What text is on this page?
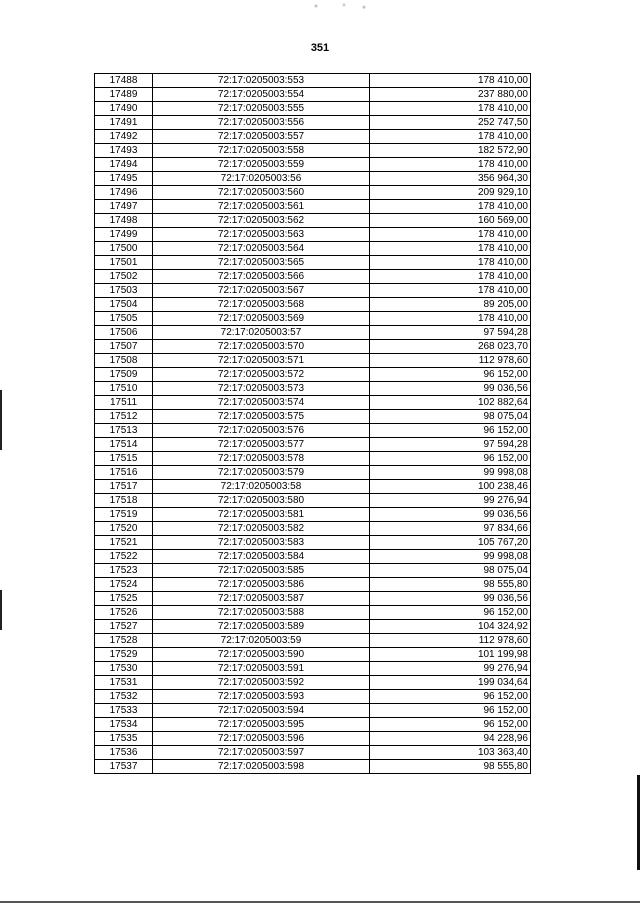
351
17488	72:17:0205003:553	178 410,00
17489	72:17:0205003:554	237 880,00
17490	72:17:0205003:555	178 410,00
17491	72:17:0205003:556	252 747,50
17492	72:17:0205003:557	178 410,00
17493	72:17:0205003:558	182 572,90
17494	72:17:0205003:559	178 410,00
17495	72:17:0205003:56	356 964,30
17496	72:17:0205003:560	209 929,10
17497	72:17:0205003:561	178 410,00
17498	72:17:0205003:562	160 569,00
17499	72:17:0205003:563	178 410,00
17500	72:17:0205003:564	178 410,00
17501	72:17:0205003:565	178 410,00
17502	72:17:0205003:566	178 410,00
17503	72:17:0205003:567	178 410,00
17504	72:17:0205003:568	89 205,00
17505	72:17:0205003:569	178 410,00
17506	72:17:0205003:57	97 594,28
17507	72:17:0205003:570	268 023,70
17508	72:17:0205003:571	112 978,60
17509	72:17:0205003:572	96 152,00
17510	72:17:0205003:573	99 036,56
17511	72:17:0205003:574	102 882,64
17512	72:17:0205003:575	98 075,04
17513	72:17:0205003:576	96 152,00
17514	72:17:0205003:577	97 594,28
17515	72:17:0205003:578	96 152,00
17516	72:17:0205003:579	99 998,08
17517	72:17:0205003:58	100 238,46
17518	72:17:0205003:580	99 276,94
17519	72:17:0205003:581	99 036,56
17520	72:17:0205003:582	97 834,66
17521	72:17:0205003:583	105 767,20
17522	72:17:0205003:584	99 998,08
17523	72:17:0205003:585	98 075,04
17524	72:17:0205003:586	98 555,80
17525	72:17:0205003:587	99 036,56
17526	72:17:0205003:588	96 152,00
17527	72:17:0205003:589	104 324,92
17528	72:17:0205003:59	112 978,60
17529	72:17:0205003:590	101 199,98
17530	72:17:0205003:591	99 276,94
17531	72:17:0205003:592	199 034,64
17532	72:17:0205003:593	96 152,00
17533	72:17:0205003:594	96 152,00
17534	72:17:0205003:595	96 152,00
17535	72:17:0205003:596	94 228,96
17536	72:17:0205003:597	103 363,40
17537	72:17:0205003:598	98 555,80
